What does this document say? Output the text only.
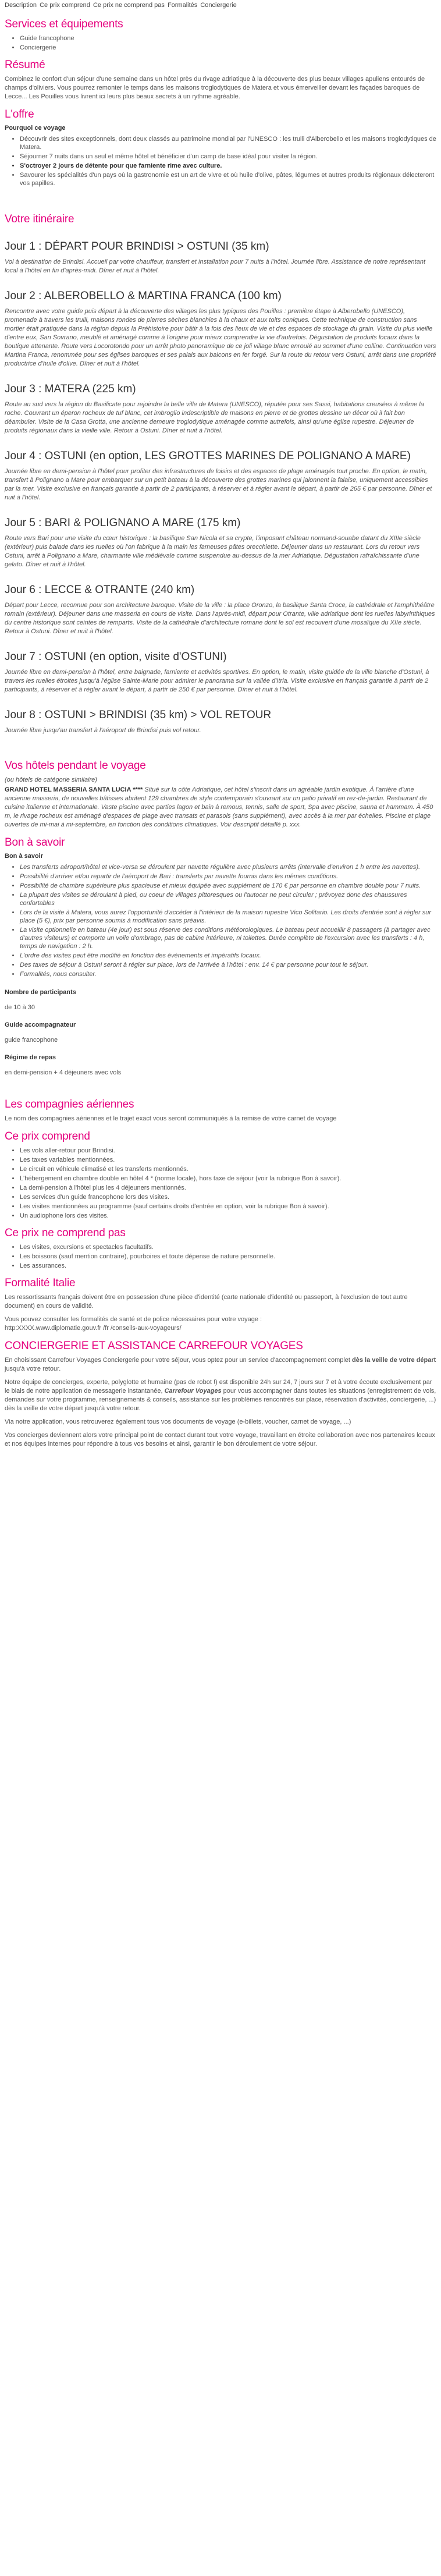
Description Ce prix comprend Ce prix ne comprend pas Formalités Conciergerie
Services et équipements
• Guide francophone
• Conciergerie
Résumé

Combinez le confort d'un séjour d'une semaine dans un hôtel près du rivage adriatique à la découverte des plus beaux villages apuliens entourés de champs d'oliviers. Vous pourrez remonter le temps dans les maisons troglodytiques de Matera et vous émerveiller devant les façades baroques de Lecce... Les Pouilles vous livrent ici leurs plus beaux secrets à un rythme agréable.

L'offre
Pourquoi ce voyage
• Découvrir des sites exceptionnels, dont deux classés au patrimoine mondial par l'UNESCO : les trulli d'Alberobello et les maisons troglodytiques de Matera.
• Séjourner 7 nuits dans un seul et même hôtel et bénéficier d'un camp de base idéal pour visiter la région.
• S'octroyer 2 jours de détente pour que farniente rime avec culture.
• Savourer les spécialités d'un pays où la gastronomie est un art de vivre et où huile d'olive, pâtes, légumes et autres produits régionaux délecteront vos papilles.
Votre itinéraire
Jour 1 : DÉPART POUR BRINDISI > OSTUNI (35 km)

Vol à destination de Brindisi. Accueil par votre chauffeur, transfert et installation pour 7 nuits à l'hôtel. Journée libre. Assistance de notre représentant local à l'hôtel en fin d'après-midi. Dîner et nuit à l'hôtel.

Jour 2 : ALBEROBELLO & MARTINA FRANCA (100 km)

Rencontre avec votre guide puis départ à la découverte des villages les plus typiques des Pouilles : première étape à Alberobello (UNESCO), promenade à travers les trulli, maisons rondes de pierres sèches blanchies à la chaux et aux toits coniques. Cette technique de construction sans mortier était pratiquée dans la région depuis la Préhistoire pour bâtir à la fois des lieux de vie et des espaces de stockage du grain. Visite du plus vieille d'entre eux, San Sovrano, meublé et aménagé comme à l'origine pour mieux comprendre la vie d'autrefois. Dégustation de produits locaux dans la boutique attenante. Route vers Locorotondo pour un arrêt photo panoramique de ce joli village blanc enroulé au sommet d'une colline. Continuation vers Martina Franca, renommée pour ses églises baroques et ses palais aux balcons en fer forgé. Sur la route du retour vers Ostuni, arrêt dans une propriété productrice d'huile d'olive. Dîner et nuit à l'hôtel.

Jour 3 : MATERA (225 km)

Route au sud vers la région du Basilicate pour rejoindre la belle ville de Matera (UNESCO), réputée pour ses Sassi, habitations creusées à même la roche. Couvrant un éperon rocheux de tuf blanc, cet imbroglio indescriptible de maisons en pierre et de grottes dessine un décor où il fait bon déambuler. Visite de la Casa Grotta, une ancienne demeure troglodytique aménagée comme autrefois, ainsi qu'une église rupestre. Déjeuner de produits régionaux dans la vieille ville. Retour à Ostuni. Dîner et nuit à l'hôtel.

Jour 4 : OSTUNI (en option, LES GROTTES MARINES DE POLIGNANO A MARE)

Journée libre en demi-pension à l'hôtel pour profiter des infrastructures de loisirs et des espaces de plage aménagés tout proche. En option, le matin, transfert à Polignano a Mare pour embarquer sur un petit bateau à la découverte des grottes marines qui jalonnent la falaise, uniquement accessibles par la mer. Visite exclusive en français garantie à partir de 2 participants, à réserver et à régler avant le départ, à partir de 265 € par personne. Dîner et nuit à l'hôtel.

Jour 5 : BARI & POLIGNANO A MARE (175 km)

Route vers Bari pour une visite du cœur historique : la basilique San Nicola et sa crypte, l'imposant château normand-souabe datant du XIIIe siècle (extérieur) puis balade dans les ruelles où l'on fabrique à la main les fameuses pâtes orecchiette. Déjeuner dans un restaurant. Lors du retour vers Ostuni, arrêt à Polignano a Mare, charmante ville médiévale comme suspendue au-dessus de la mer Adriatique. Dégustation rafraîchissante d'une gelato. Dîner et nuit à l'hôtel.

Jour 6 : LECCE & OTRANTE (240 km)

Départ pour Lecce, reconnue pour son architecture baroque. Visite de la ville : la place Oronzo, la basilique Santa Croce, la cathédrale et l'amphithéâtre romain (extérieur). Déjeuner dans une masseria en cours de visite. Dans l'après-midi, départ pour Otrante, ville adriatique dont les ruelles labyrinthiques du centre historique sont ceintes de remparts. Visite de la cathédrale d'architecture romane dont le sol est recouvert d'une mosaïque du XIIe siècle. Retour à Ostuni. Dîner et nuit à l'hôtel.

Jour 7 : OSTUNI (en option, visite d'OSTUNI)

Journée libre en demi-pension à l'hôtel, entre baignade, farniente et activités sportives. En option, le matin, visite guidée de la ville blanche d'Ostuni, à travers les ruelles étroites jusqu'à l'église Sainte-Marie pour admirer le panorama sur la vallée d'Itria. Visite exclusive en français garantie à partir de 2 participants, à réserver et à régler avant le départ, à partir de 250 € par personne. Dîner et nuit à l'hôtel.

Jour 8 : OSTUNI > BRINDISI (35 km) > VOL RETOUR

Journée libre jusqu'au transfert à l'aéroport de Brindisi puis vol retour.

Vos hôtels pendant le voyage

(ou hôtels de catégorie similaire)

GRAND HOTEL MASSERIA SANTA LUCIA **** Situé sur la côte Adriatique, cet hôtel s'inscrit dans un agréable jardin exotique. À l'arrière d'une ancienne masseria, de nouvelles bâtisses abritent 129 chambres de style contemporain s'ouvrant sur un patio privatif en rez-de-jardin. Restaurant de cuisine italienne et internationale. Vaste piscine avec parties lagon et bain à remous, tennis, salle de sport, Spa avec piscine, sauna et hammam. À 450 m, le rivage rocheux est aménagé d'espaces de plage avec transats et parasols (sans supplément), avec accès à la mer par échelles. Piscine et plage ouvertes de mi-mai à mi-septembre, en fonction des conditions climatiques. Voir descriptif détaillé p. xxx.

Bon à savoir
Bon à savoir
• Les transferts aéroport/hôtel et vice-versa se déroulent par navette régulière avec plusieurs arrêts (intervalle d'environ 1 h entre les navettes).
• Possibilité d'arriver et/ou repartir de l'aéroport de Bari : transferts par navette fournis dans les mêmes conditions.
• Possibilité de chambre supérieure plus spacieuse et mieux équipée avec supplément de 170 € par personne en chambre double pour 7 nuits.
• La plupart des visites se déroulant à pied, ou coeur de villages pittoresques ou l'autocar ne peut circuler ; prévoyez donc des chaussures confortables
• Lors de la visite à Matera, vous aurez l'opportunité d'accéder à l'intérieur de la maison rupestre Vico Solitario. Les droits d'entrée sont à régler sur place (5 €), prix par personne soumis à modification sans préavis.
• La visite optionnelle en bateau (4e jour) est sous réserve des conditions météorologiques. Le bateau peut accueillir 8 passagers (à partager avec d'autres visiteurs) et comporte un voile d'ombrage, pas de cabine intérieure, ni toilettes. Durée complète de l'excursion avec les transferts : 4 h, temps de navigation : 2 h.
• L'ordre des visites peut être modifié en fonction des évènements et impératifs locaux.
• Des taxes de séjour à Ostuni seront à régler sur place, lors de l'arrivée à l'hôtel : env. 14 € par personne pour tout le séjour.
• Formalités, nous consulter.
Nombre de participants
de 10 à 30
Guide accompagnateur
guide francophone
Régime de repas
en demi-pension + 4 déjeuners avec vols
Les compagnies aériennes

Le nom des compagnies aériennes et le trajet exact vous seront communiqués à la remise de votre carnet de voyage

Ce prix comprend
• Les vols aller-retour pour Brindisi.
• Les taxes variables mentionnées.
• Le circuit en véhicule climatisé et les transferts mentionnés.
• L'hébergement en chambre double en hôtel 4 * (norme locale), hors taxe de séjour (voir la rubrique Bon à savoir).
• La demi-pension à l'hôtel plus les 4 déjeuners mentionnés.
• Les services d'un guide francophone lors des visites.
• Les visites mentionnées au programme (sauf certains droits d'entrée en option, voir la rubrique Bon à savoir).
• Un audiophone lors des visites.
Ce prix ne comprend pas
• Les visites, excursions et spectacles facultatifs.
• Les boissons (sauf mention contraire), pourboires et toute dépense de nature personnelle.
• Les assurances.
Formalité Italie

Les ressortissants français doivent être en possession d'une pièce d'identité (carte nationale d'identité ou passeport, à l'exclusion de tout autre document) en cours de validité.

Vous pouvez consulter les formalités de santé et de police nécessaires pour votre voyage :

http:XXXX.www.diplomatie.gouv.fr /fr /conseils-aux-voyageurs/

CONCIERGERIE ET ASSISTANCE CARREFOUR VOYAGES

En choisissant Carrefour Voyages Conciergerie pour votre séjour, vous optez pour un service d'accompagnement complet dès la veille de votre départ jusqu'à votre retour.

Notre équipe de concierges, experte, polyglotte et humaine (pas de robot !) est disponible 24h sur 24, 7 jours sur 7 et à votre écoute exclusivement par le biais de notre application de messagerie instantanée, Carrefour Voyages pour vous accompagner dans toutes les situations (enregistrement de vols, demandes sur votre programme, renseignements & conseils, assistance sur les problèmes rencontrés sur place, réservation d'activités, conciergerie, ...) dès la veille de votre départ jusqu'à votre retour.

Via notre application, vous retrouverez également tous vos documents de voyage (e-billets, voucher, carnet de voyage, ...)

Vos concierges deviennent alors votre principal point de contact durant tout votre voyage, travaillant en étroite collaboration avec nos partenaires locaux et nos équipes internes pour répondre à tous vos besoins et ainsi, garantir le bon déroulement de votre séjour.
